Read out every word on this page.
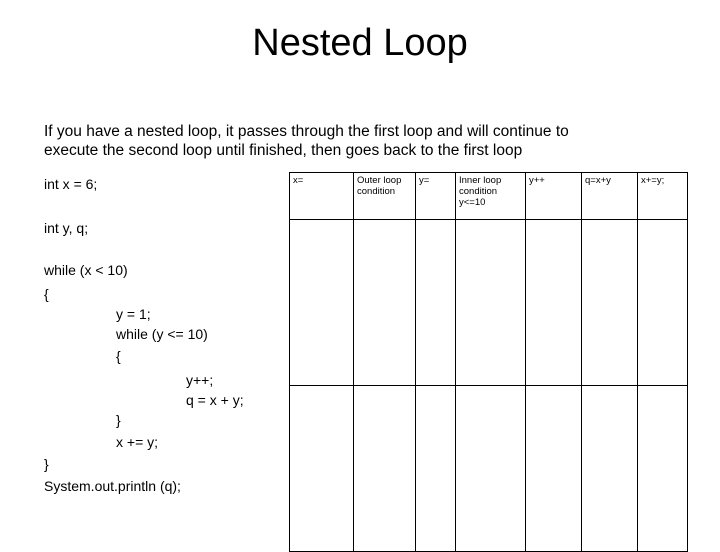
Nested Loop
If you have a nested loop, it passes through the first loop and will continue to
execute the second loop until finished, then goes back to the first loop
int x = 6;
int y, q;
while (x < 10)
{
y = 1;
while (y <= 10)
{
y++;
q = x + y;
}
x += y;
}
System.out.println (q);
x=	Outer loop condition	y=	Inner loop condition y<=10	y++	q=x+y	x+=y;
